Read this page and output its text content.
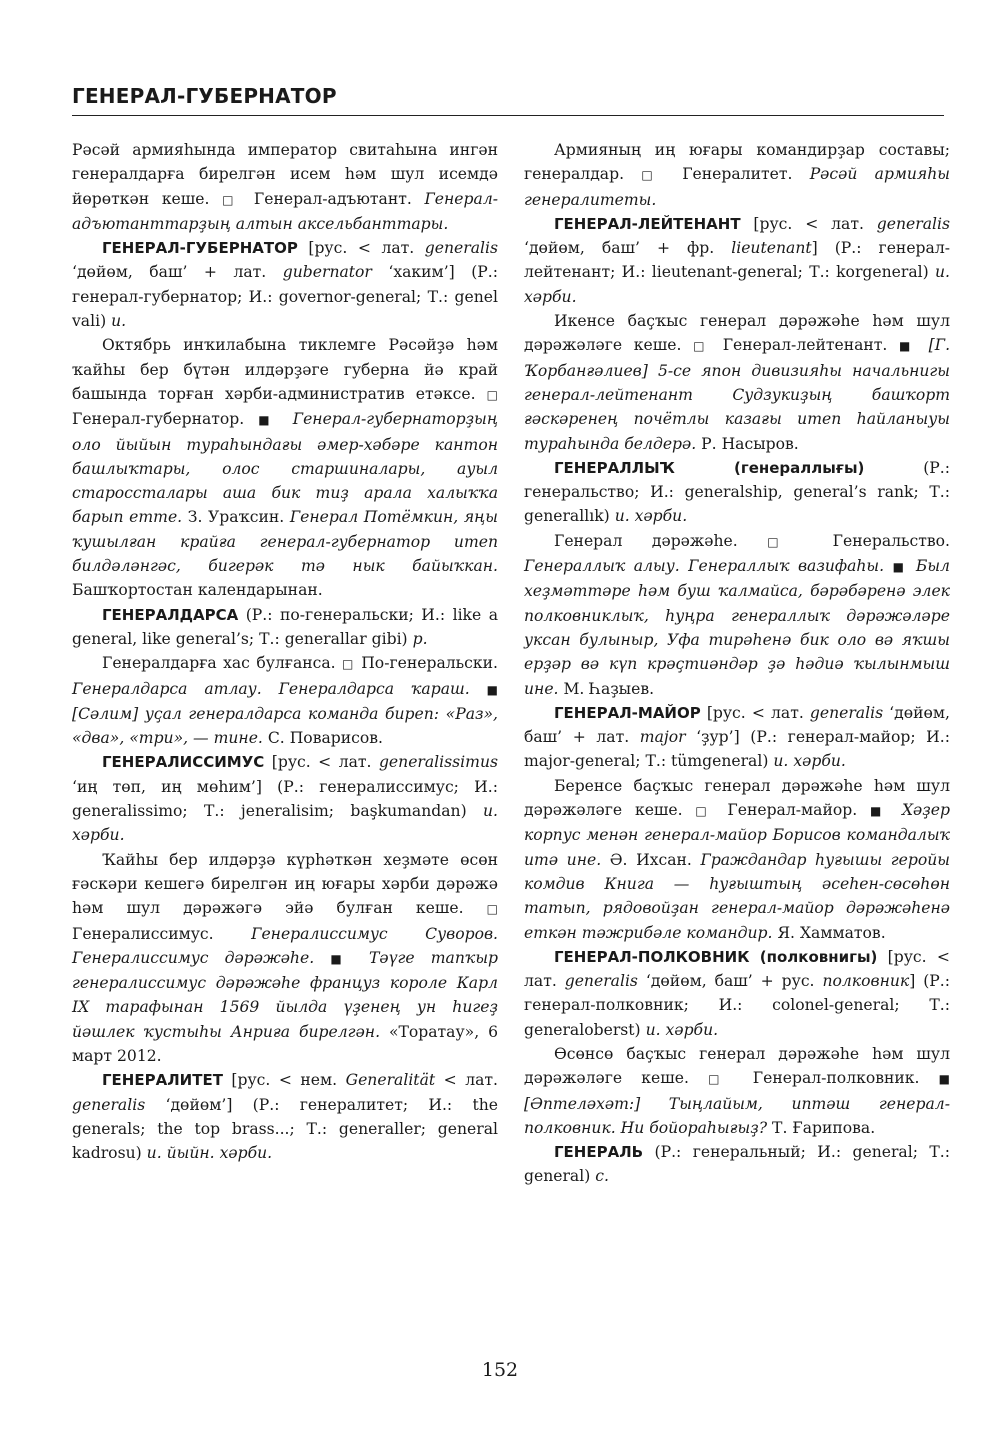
ГЕНЕРАЛ-ГУБЕРНАТОР

Рәсәй армияһында император свитаһына ингән генералдарға бирелгән исем һәм шул исемдә йөрөткән кеше. □ Генерал-адъютант. Генерал-адъютанттарҙың алтын аксельбанттары.

ГЕНЕРАЛ-ГУБЕРНАТОР [рус. < лат. generalis ‘дөйөм, баш’ + лат. gubernator ‘хаким’] (Р.: генерал-губернатор; И.: governor-general; Т.: genel vali) и.

Октябрь инҡилабына тиклемге Рәсәйҙә һәм ҡайһы бер бүтән илдәрҙәге губерна йә край башында торған хәрби-административ етәксе. □ Генерал-губернатор. ■ Генерал-губернаторҙың оло йыйын тураһындағы әмер-хәбәре кантон башлыҡтары, олос старшиналары, ауыл староссталары аша бик тиҙ арала халыҡҡа барып етте. З. Ураҡсин. Генерал Потёмкин, яңы ҡушылған крайға генерал-губернатор итеп билдәләнгәс, бигерәк тә нык байыҡкан. Башҡортостан календарынан.

ГЕНЕРАЛДАРСА (Р.: по-генеральски; И.: like a general, like general’s; Т.: generallar gibi) р.

Генералдарға хас булғанса. □ По-генеральски. Генералдарса атлау. Генералдарса ҡараш. ■ [Сәлим] уҫал генералдарса команда биреп: «Раз», «два», «три», — тине. С. Поварисов.

ГЕНЕРАЛИССИМУС [рус. < лат. generalissimus ‘иң төп, иң мөһим’] (Р.: генералиссимус; И.: generalissimo; Т.: jeneralisim; başkumandan) и. хәрби.

Ҡайһы бер илдәрҙә күрһәткән хеҙмәте өсөн ғәскәри кешегә бирелгән иң юғары хәрби дәрәжә һәм шул дәрәжәгә эйә булған кеше. □ Генералиссимус. Генералиссимус Суворов. Генералиссимус дәрәжәһе. ■ Тәүге тапҡыр генералиссимус дәрәжәһе француз короле Карл IX тарафынан 1569 йылда үҙенең ун һигеҙ йәшлек ҡустыһы Анриға бирелгән. «Торатау», 6 март 2012.

ГЕНЕРАЛИТЕТ [рус. < нем. Generalität < лат. generalis ‘дөйөм’] (Р.: генералитет; И.: the generals; the top brass...; Т.: generaller; general kadrosu) и. йыйн. хәрби.

Армияның иң юғары командирҙар составы; генералдар. □ Генералитет. Рәсәй армияһы генералитеты.

ГЕНЕРАЛ-ЛЕЙТЕНАНТ [рус. < лат. generalis ‘дөйөм, баш’ + фр. lieutenant] (Р.: генерал-лейтенант; И.: lieutenant-general; Т.: korgeneral) и. хәрби.

Икенсе баҫҡыс генерал дәрәжәһе һәм шул дәрәжәләге кеше. □ Генерал-лейтенант. ■ [Г. Ҡорбанғәлиев] 5-се япон дивизияһы начальнигы генерал-лейтенант Судзукиҙың башҡорт ғәскәренең почётлы казағы итеп һайланыуы тураһында белдерә. Р. Насыров.

ГЕНЕРАЛЛЫҠ (генераллығы) (Р.: генеральство; И.: generalship, general’s rank; Т.: generallık) и. хәрби.

Генерал дәрәжәһе. □ Генеральство. Генераллыҡ алыу. Генераллыҡ вазифаһы. ■ Был хеҙмәттәре һәм буш ҡалмайса, бәрәбәренә элек полковниклыҡ, һуңра генераллыҡ дәрәжәләре уксан булыныр, Уфа тирәһенә бик оло вә яҡшы ерҙәр вә күп крәҫтиәндәр ҙә һәдиә ҡылынмыш ине. М. Һаҙыев.

ГЕНЕРАЛ-МАЙОР [рус. < лат. generalis ‘дөйөм, баш’ + лат. major ‘ҙур’] (Р.: генерал-майор; И.: major-general; Т.: tümgeneral) и. хәрби.

Беренсе баҫҡыс генерал дәрәжәһе һәм шул дәрәжәләге кеше. □ Генерал-майор. ■ Хәҙер корпус менән генерал-майор Борисов командалыҡ итә ине. Ә. Ихсан. Граждандар һуғышы геройы комдив Книга — һуғыштың әсеһен-сөсөһөн татып, рядовойҙан генерал-майор дәрәжәһенә еткән тәжрибәле командир. Я. Хамматов.

ГЕНЕРАЛ-ПОЛКОВНИК (полковнигы) [рус. < лат. generalis ‘дөйөм, баш’ + рус. полковник] (Р.: генерал-полковник; И.: colonel-general; Т.: generaloberst) и. хәрби.

Өсөнсө баҫҡыс генерал дәрәжәһе һәм шул дәрәжәләге кеше. □ Генерал-полковник. ■ [Әптеләхәт:] Тыңлайым, иптәш генерал-полковник. Ни бойораһығыҙ? Т. Ғарипова.

ГЕНЕРАЛЬ (Р.: генеральный; И.: general; Т.: general) с.

152
